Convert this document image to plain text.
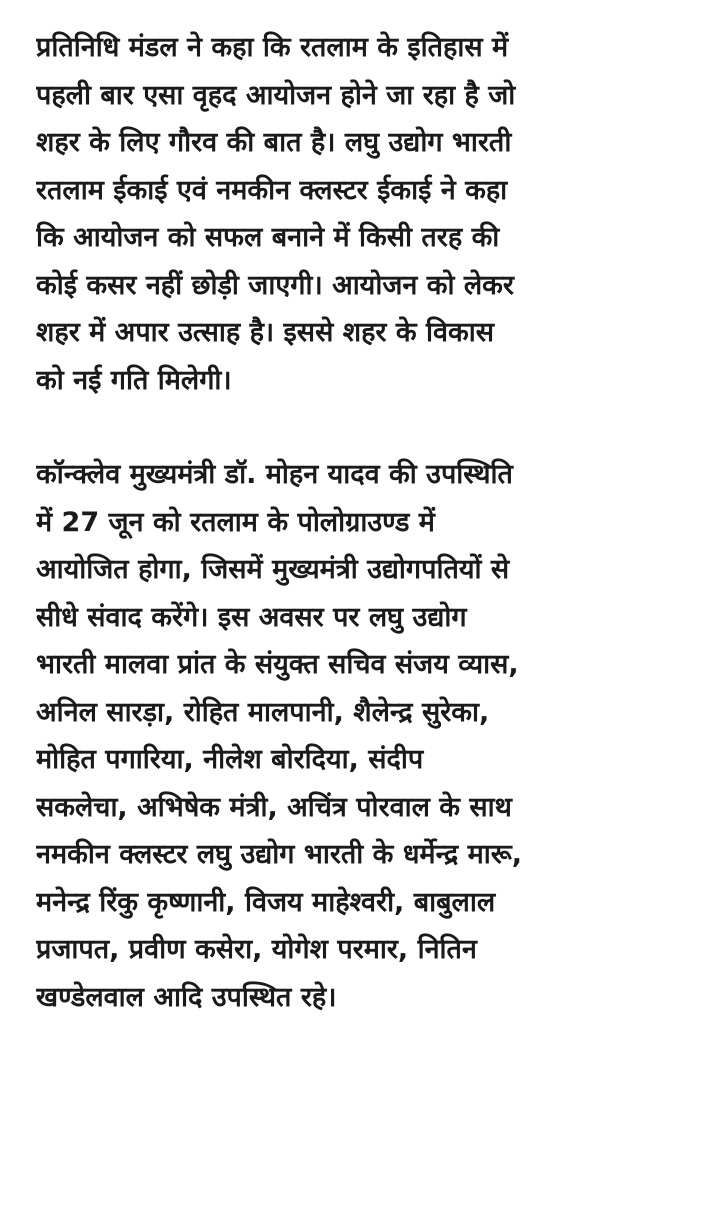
प्रतिनिधि मंडल ने कहा कि रतलाम के इतिहास में
पहली बार एसा वृहद आयोजन होने जा रहा है जो
शहर के लिए गौरव की बात है। लघु उद्योग भारती
रतलाम ईकाई एवं नमकीन क्लस्टर ईकाई ने कहा
कि आयोजन को सफल बनाने में किसी तरह की
कोई कसर नहीं छोड़ी जाएगी। आयोजन को लेकर
शहर में अपार उत्साह है। इससे शहर के विकास
को नई गति मिलेगी।

कॉन्क्लेव मुख्यमंत्री डॉ. मोहन यादव की उपस्थिति
में 27 जून को रतलाम के पोलोग्राउण्ड में
आयोजित होगा, जिसमें मुख्यमंत्री उद्योगपतियों से
सीधे संवाद करेंगे। इस अवसर पर लघु उद्योग
भारती मालवा प्रांत के संयुक्त सचिव संजय व्यास,
अनिल सारड़ा, रोहित मालपानी, शैलेन्द्र सुरेका,
मोहित पगारिया, नीलेश बोरदिया, संदीप
सकलेचा, अभिषेक मंत्री, अचिंत्र पोरवाल के साथ
नमकीन क्लस्टर लघु उद्योग भारती के धर्मेन्द्र मारू,
मनेन्द्र रिंकु कृष्णानी, विजय माहेश्वरी, बाबुलाल
प्रजापत, प्रवीण कसेरा, योगेश परमार, नितिन
खण्डेलवाल आदि उपस्थित रहे।
